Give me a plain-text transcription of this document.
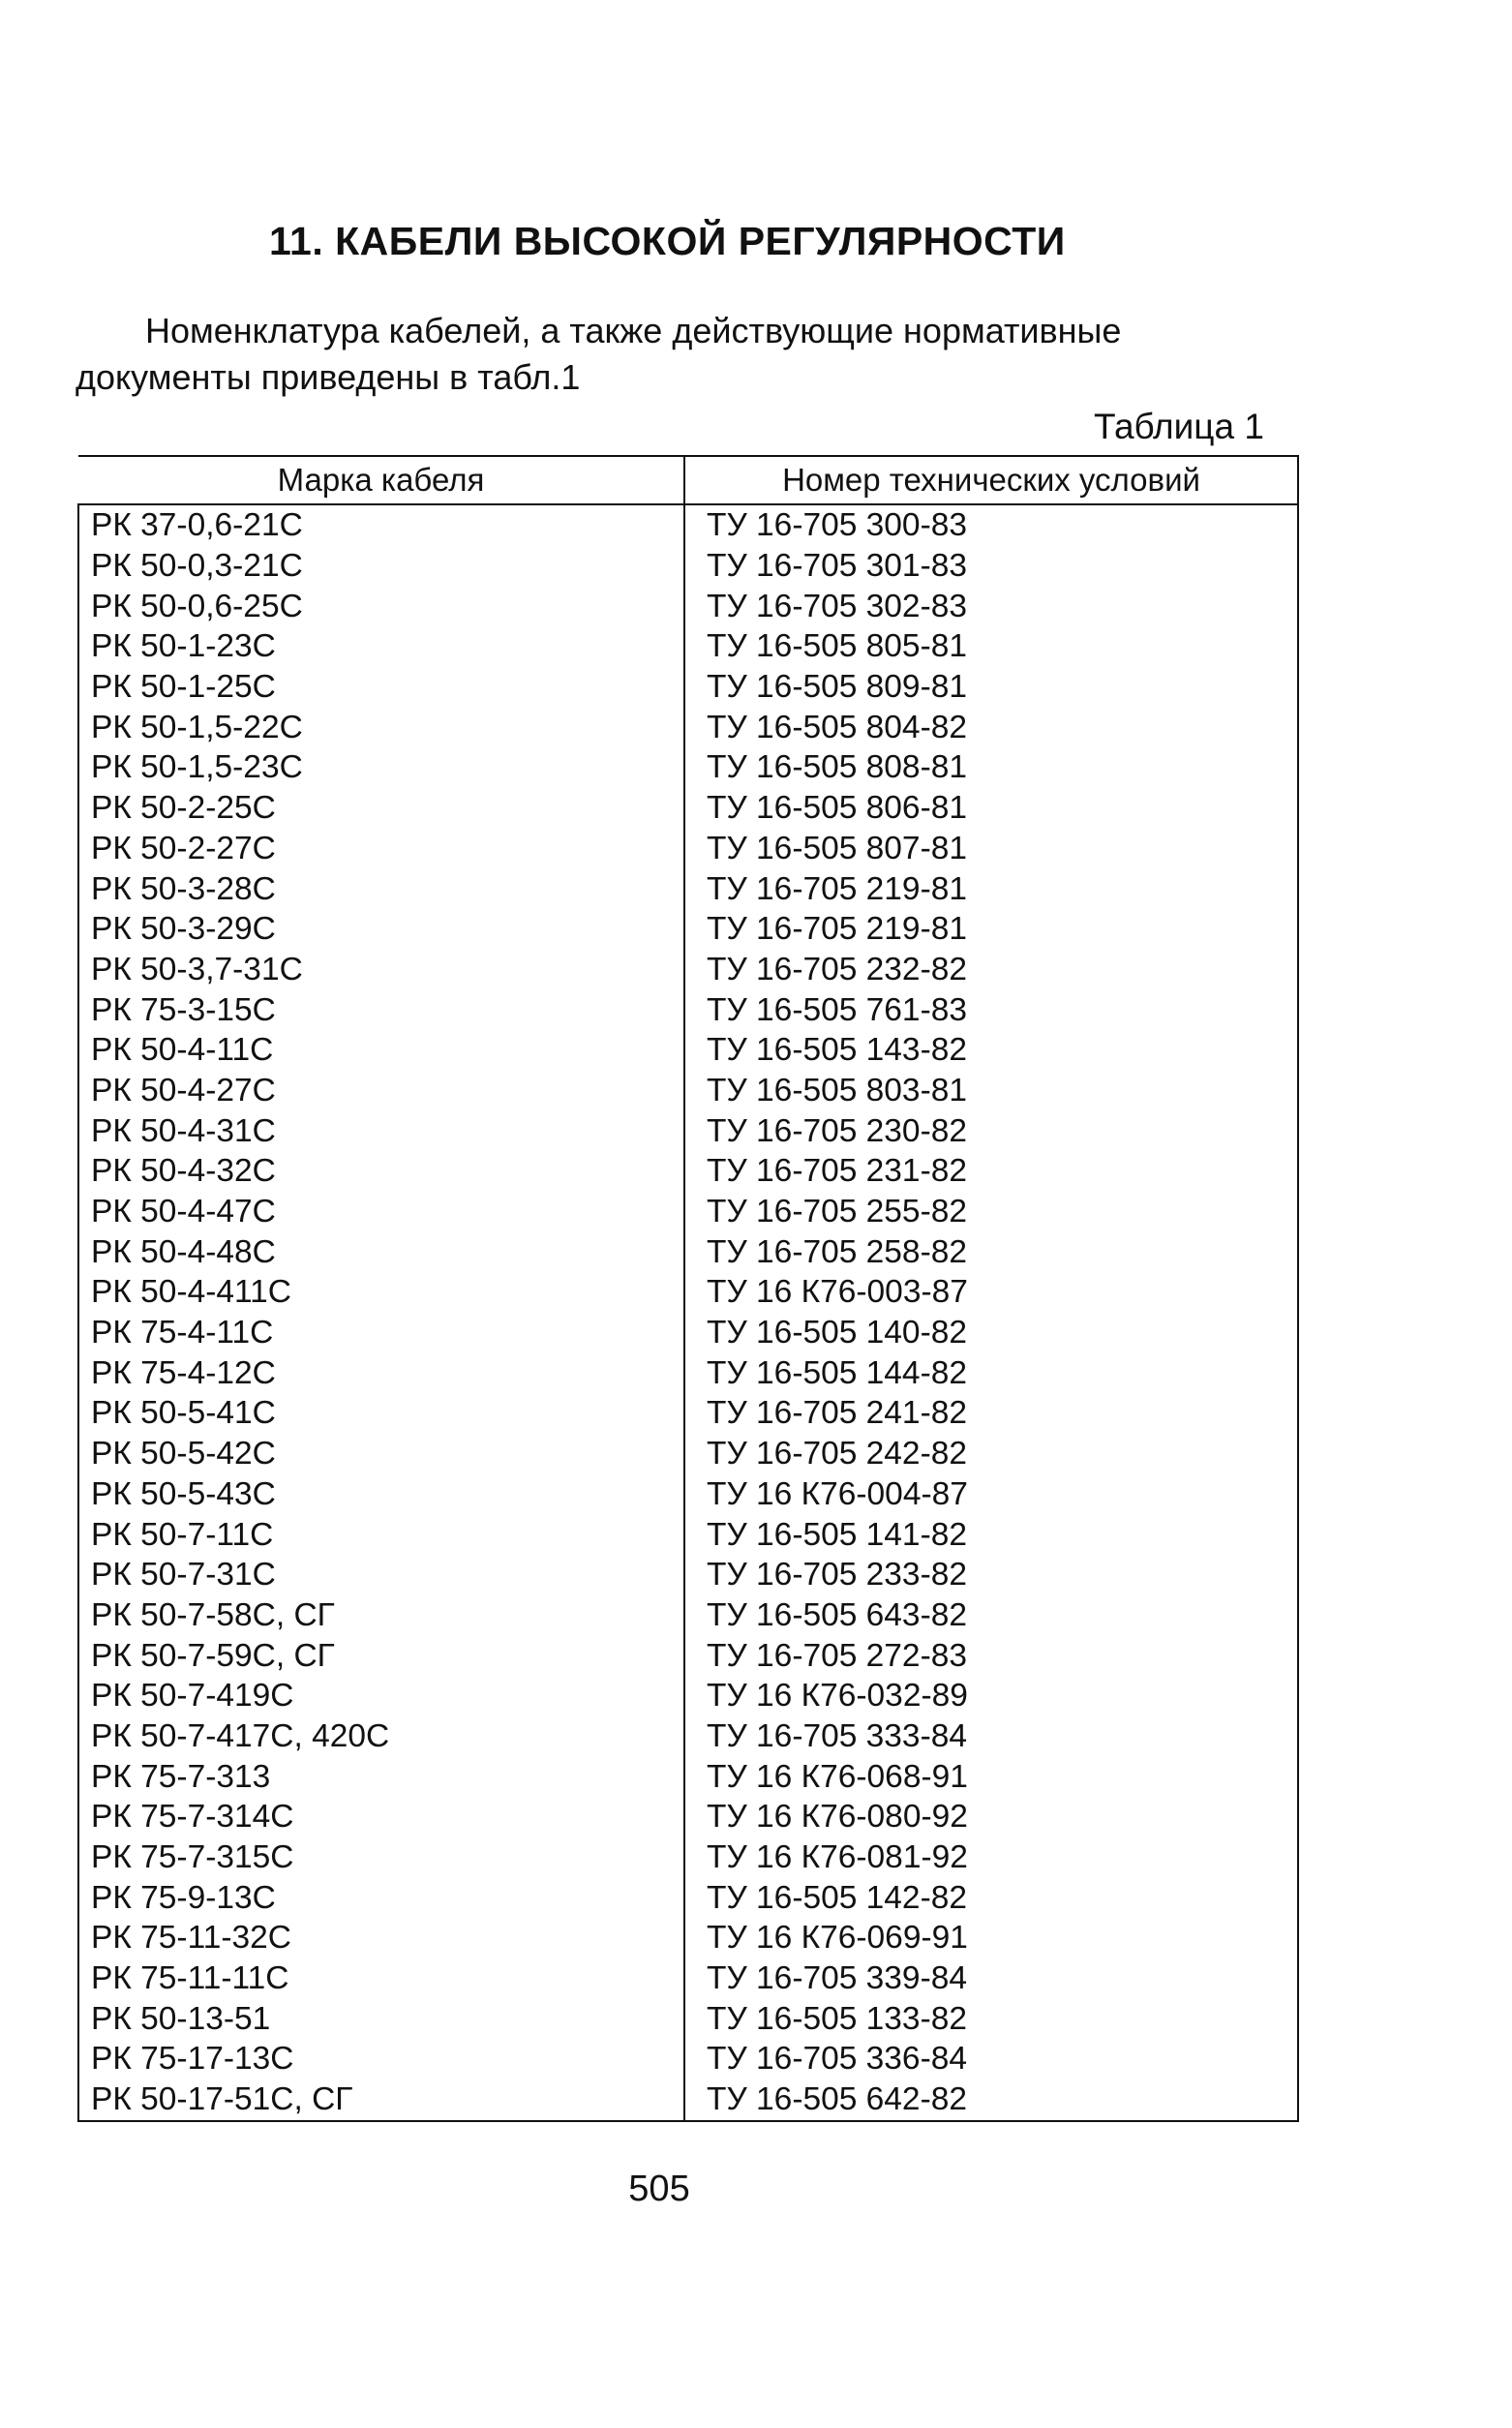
11. КАБЕЛИ ВЫСОКОЙ РЕГУЛЯРНОСТИ
Номенклатура кабелей, а также действующие нормативные
документы приведены в табл.1
Таблица 1
Марка кабеля	Номер технических условий
РК 37-0,6-21С	ТУ 16-705 300-83
РК 50-0,3-21С	ТУ 16-705 301-83
РК 50-0,6-25С	ТУ 16-705 302-83
РК 50-1-23С	ТУ 16-505 805-81
РК 50-1-25С	ТУ 16-505 809-81
РК 50-1,5-22С	ТУ 16-505 804-82
РК 50-1,5-23С	ТУ 16-505 808-81
РК 50-2-25С	ТУ 16-505 806-81
РК 50-2-27С	ТУ 16-505 807-81
РК 50-3-28С	ТУ 16-705 219-81
РК 50-3-29С	ТУ 16-705 219-81
РК 50-3,7-31С	ТУ 16-705 232-82
РК 75-3-15С	ТУ 16-505 761-83
РК 50-4-11С	ТУ 16-505 143-82
РК 50-4-27С	ТУ 16-505 803-81
РК 50-4-31С	ТУ 16-705 230-82
РК 50-4-32С	ТУ 16-705 231-82
РК 50-4-47С	ТУ 16-705 255-82
РК 50-4-48С	ТУ 16-705 258-82
РК 50-4-411С	ТУ 16 К76-003-87
РК 75-4-11С	ТУ 16-505 140-82
РК 75-4-12С	ТУ 16-505 144-82
РК 50-5-41С	ТУ 16-705 241-82
РК 50-5-42С	ТУ 16-705 242-82
РК 50-5-43С	ТУ 16 К76-004-87
РК 50-7-11С	ТУ 16-505 141-82
РК 50-7-31С	ТУ 16-705 233-82
РК 50-7-58С, СГ	ТУ 16-505 643-82
РК 50-7-59С, СГ	ТУ 16-705 272-83
РК 50-7-419С	ТУ 16 К76-032-89
РК 50-7-417С, 420С	ТУ 16-705 333-84
РК 75-7-313	ТУ 16 К76-068-91
РК 75-7-314С	ТУ 16 К76-080-92
РК 75-7-315С	ТУ 16 К76-081-92
РК 75-9-13С	ТУ 16-505 142-82
РК 75-11-32С	ТУ 16 К76-069-91
РК 75-11-11С	ТУ 16-705 339-84
РК 50-13-51	ТУ 16-505 133-82
РК 75-17-13С	ТУ 16-705 336-84
РК 50-17-51С, СГ	ТУ 16-505 642-82
505
